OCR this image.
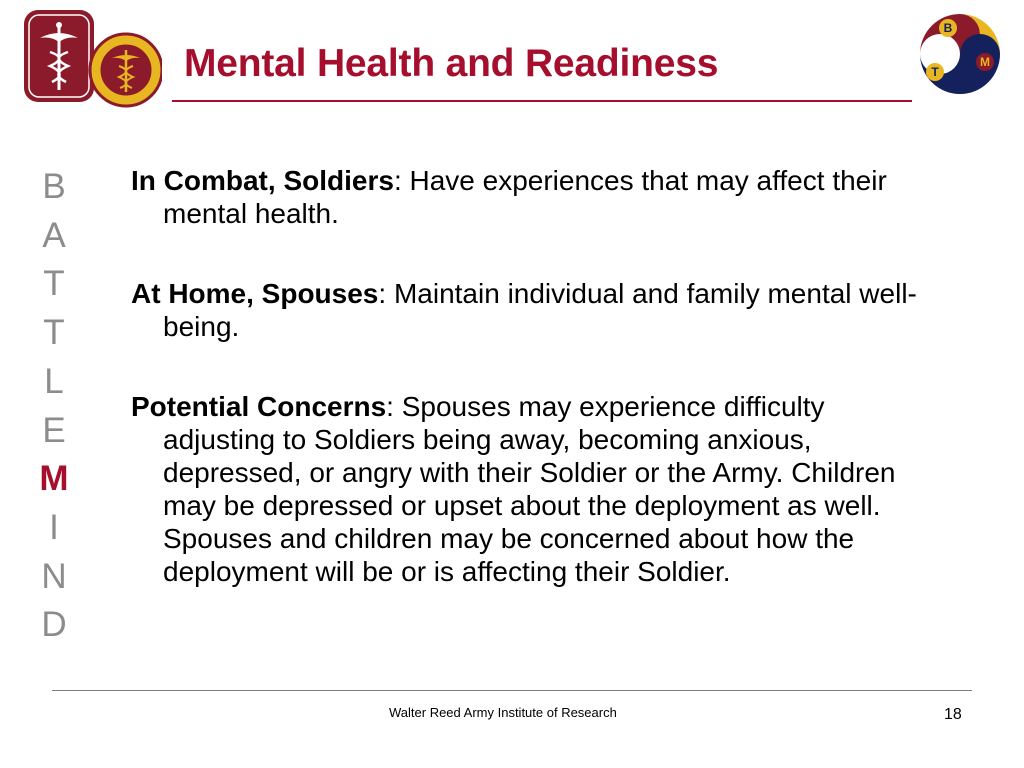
B
T
M
Mental Health and Readiness
B
A
T
T
L
E
M
I
N
D

In Combat, Soldiers: Have experiences that may affect their mental health.

At Home, Spouses: Maintain individual and family mental well-being.

Potential Concerns: Spouses may experience difficulty adjusting to Soldiers being away, becoming anxious, depressed, or angry with their Soldier or the Army. Children may be depressed or upset about the deployment as well. Spouses and children may be concerned about how the deployment will be or is affecting their Soldier.

Walter Reed Army Institute of Research	18
